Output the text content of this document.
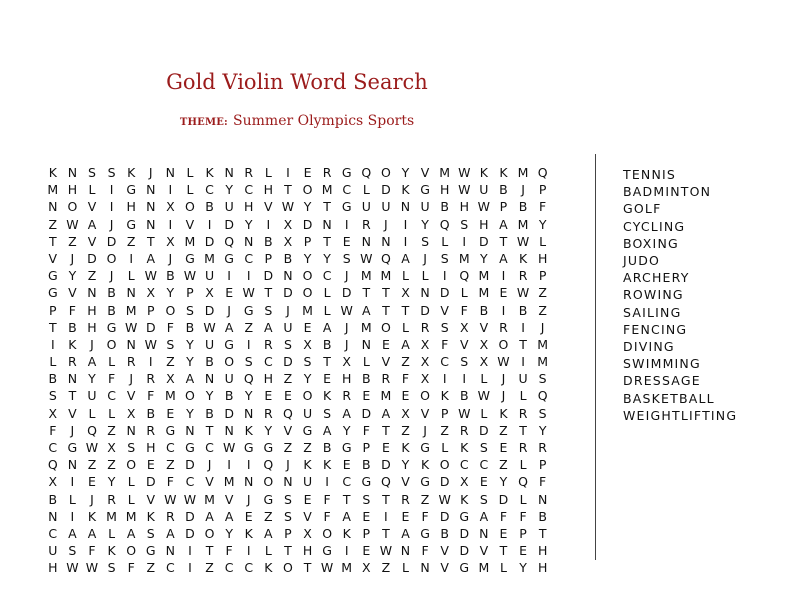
Gold Violin Word Search
THEME: Summer Olympics Sports
K N S S K	J	N L K N R L	I	E R G Q O Y V M W K K M Q
M H L	I	G N	I	L C Y C H T O M C L D K G H W U B	J	P
N O V	I	H N X O B U H V W Y T G U U N U B H W P B F
Z W A	J	G N	I	V	I	D Y	I	X D N	I	R	J	I	Y Q S H A M Y
T Z V D Z T X M D Q N B X P T E N N	I	S L	I	D T W L
V	J	D O	I	A	J	G M G C P B Y Y S W Q A	J	S M Y A K H
G Y Z	J	L W B W U	I	I	D N O C	J M M L	L	I	Q M I	R P
G V N B N X Y P X E W T D O L D T T X N D L M E W Z
P F H B M P O S D	J	G S	J M L W A T T D V F B	I	B Z
T B H G W D F B W A Z A U E A	J M O L R S X V R	I	J
I	K	J	O N W S Y U G	I	R S X B	J	N E A X F V X O T M
L R A L R	I	Z Y B O S C D S T X L V Z X C S X W I M
B N Y F	J	R X A N U Q H Z Y E H B R F X	I	I	L	J	U S
S T U C V F M O Y B Y E E O K R E M E O K B W J	L Q
X V L	L X B E Y B D N R Q U S A D A X V P W L K R S
F	J	Q Z N R G N T N K Y V G A Y F T Z	J	Z R D Z T Y
C G W X S H C G C W G G Z Z B G P E K G L K S E R R
Q N Z Z O E Z D	J	I	I	Q	J	K K E B D Y K O C C Z L P
X	I	E Y L D F C V M N O N U	I	C G Q V G D X E Y Q F
B L	J	R L V W W M V	J	G S E F T S T R Z W K S D L N
N	I	K M M K R D A A E Z S V F A E	I	E F D G A F F B
C A A L A S A D O Y K A P X O K P T A G B D N E P T
U S F K O G N	I	T F	I	L T H G	I	E W N F V D V T E H
H W W S F Z C	I	Z C C K O T W M X Z L N V G M L Y H
TENNIS
BADMINTON
GOLF
CYCLING
BOXING
JUDO
ARCHERY
ROWING
SAILING
FENCING
DIVING
SWIMMING
DRESSAGE
BASKETBALL
WEIGHTLIFTING
